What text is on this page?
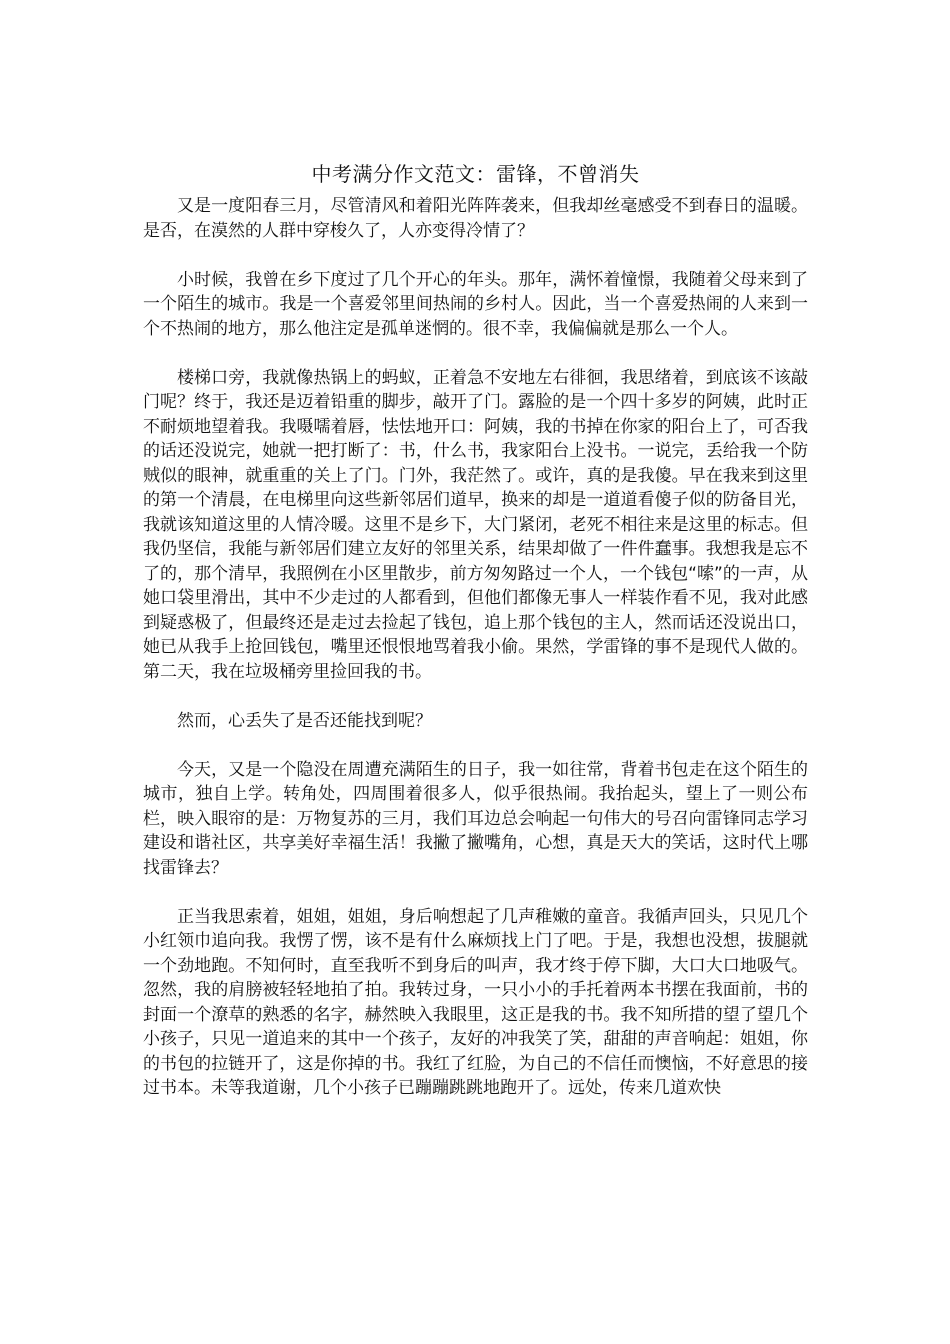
中考满分作文范文：雷锋，不曾消失

又是一度阳春三月，尽管清风和着阳光阵阵袭来，但我却丝毫感受不到春日的温暖。是否，在漠然的人群中穿梭久了，人亦变得冷情了？

小时候，我曾在乡下度过了几个开心的年头。那年，满怀着憧憬，我随着父母来到了一个陌生的城市。我是一个喜爱邻里间热闹的乡村人。因此，当一个喜爱热闹的人来到一个不热闹的地方，那么他注定是孤单迷惘的。很不幸，我偏偏就是那么一个人。

楼梯口旁，我就像热锅上的蚂蚁，正着急不安地左右徘徊，我思绪着，到底该不该敲门呢？终于，我还是迈着铅重的脚步，敲开了门。露脸的是一个四十多岁的阿姨，此时正不耐烦地望着我。我嗫嚅着唇，怯怯地开口：阿姨，我的书掉在你家的阳台上了，可否我的话还没说完，她就一把打断了：书，什么书，我家阳台上没书。一说完，丢给我一个防贼似的眼神，就重重的关上了门。门外，我茫然了。或许，真的是我傻。早在我来到这里的第一个清晨，在电梯里向这些新邻居们道早，换来的却是一道道看傻子似的防备目光，我就该知道这里的人情冷暖。这里不是乡下，大门紧闭，老死不相往来是这里的标志。但我仍坚信，我能与新邻居们建立友好的邻里关系，结果却做了一件件蠢事。我想我是忘不了的，那个清早，我照例在小区里散步，前方匆匆路过一个人，一个钱包“嗦”的一声，从她口袋里滑出，其中不少走过的人都看到，但他们都像无事人一样装作看不见，我对此感到疑惑极了，但最终还是走过去捡起了钱包，追上那个钱包的主人，然而话还没说出口，她已从我手上抢回钱包，嘴里还恨恨地骂着我小偷。果然，学雷锋的事不是现代人做的。第二天，我在垃圾桶旁里捡回我的书。

然而，心丢失了是否还能找到呢？

今天，又是一个隐没在周遭充满陌生的日子，我一如往常，背着书包走在这个陌生的城市，独自上学。转角处，四周围着很多人，似乎很热闹。我抬起头，望上了一则公布栏，映入眼帘的是：万物复苏的三月，我们耳边总会响起一句伟大的号召向雷锋同志学习建设和谐社区，共享美好幸福生活！我撇了撇嘴角，心想，真是天大的笑话，这时代上哪找雷锋去？

正当我思索着，姐姐，姐姐，身后响想起了几声稚嫩的童音。我循声回头，只见几个小红领巾追向我。我愣了愣，该不是有什么麻烦找上门了吧。于是，我想也没想，拔腿就一个劲地跑。不知何时，直至我听不到身后的叫声，我才终于停下脚，大口大口地吸气。忽然，我的肩膀被轻轻地拍了拍。我转过身，一只小小的手托着两本书摆在我面前，书的封面一个潦草的熟悉的名字，赫然映入我眼里，这正是我的书。我不知所措的望了望几个小孩子，只见一道追来的其中一个孩子，友好的冲我笑了笑，甜甜的声音响起：姐姐，你的书包的拉链开了，这是你掉的书。我红了红脸，为自己的不信任而懊恼，不好意思的接过书本。未等我道谢，几个小孩子已蹦蹦跳跳地跑开了。远处，传来几道欢快
